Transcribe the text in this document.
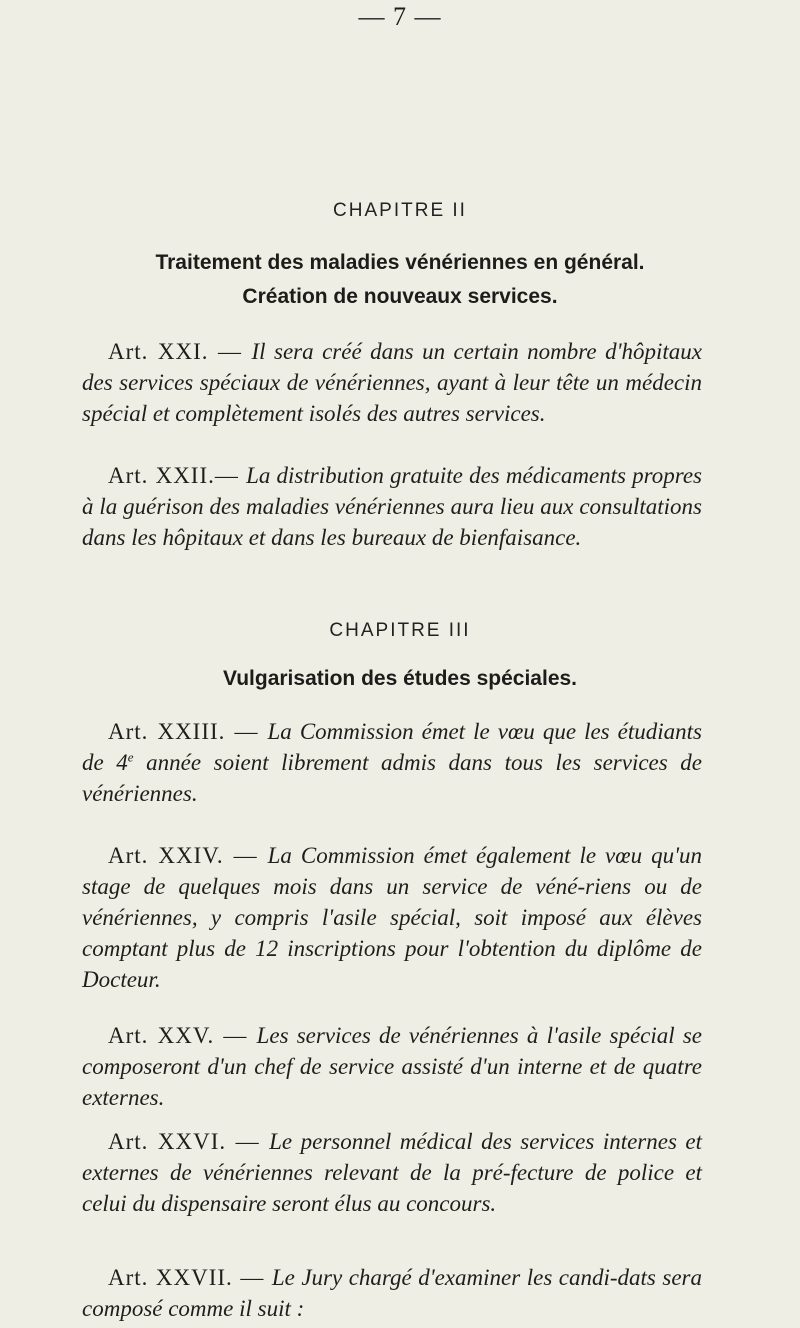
— 7 —
CHAPITRE II
Traitement des maladies vénériennes en général.
Création de nouveaux services.

Art. XXI. — Il sera créé dans un certain nombre d'hôpitaux des services spéciaux de vénériennes, ayant à leur tête un médecin spécial et complètement isolés des autres services.

Art. XXII.— La distribution gratuite des médicaments propres à la guérison des maladies vénériennes aura lieu aux consultations dans les hôpitaux et dans les bureaux de bienfaisance.

CHAPITRE III
Vulgarisation des études spéciales.

Art. XXIII. — La Commission émet le vœu que les étudiants de 4e année soient librement admis dans tous les services de vénériennes.

Art. XXIV. — La Commission émet également le vœu qu'un stage de quelques mois dans un service de véné-riens ou de vénériennes, y compris l'asile spécial, soit imposé aux élèves comptant plus de 12 inscriptions pour l'obtention du diplôme de Docteur.

Art. XXV. — Les services de vénériennes à l'asile spécial se composeront d'un chef de service assisté d'un interne et de quatre externes.

Art. XXVI. — Le personnel médical des services internes et externes de vénériennes relevant de la pré-fecture de police et celui du dispensaire seront élus au concours.

Art. XXVII. — Le Jury chargé d'examiner les candi-dats sera composé comme il suit :
